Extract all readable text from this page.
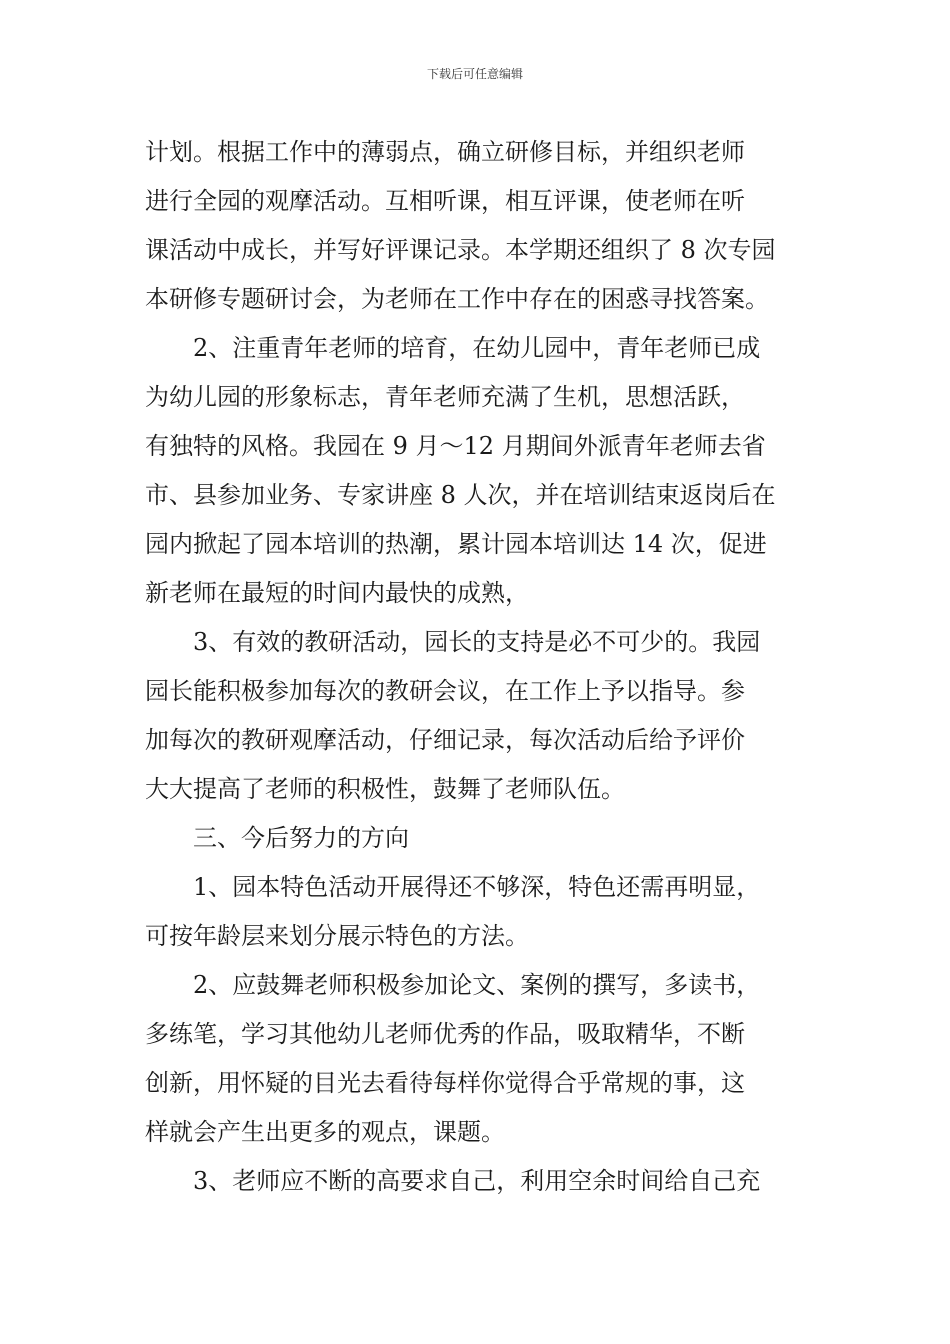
下载后可任意编辑
计划。根据工作中的薄弱点，确立研修目标，并组织老师
进行全园的观摩活动。互相听课，相互评课，使老师在听
课活动中成长，并写好评课记录。本学期还组织了 8 次专园
本研修专题研讨会，为老师在工作中存在的困惑寻找答案。
2、注重青年老师的培育，在幼儿园中，青年老师已成
为幼儿园的形象标志，青年老师充满了生机，思想活跃，
有独特的风格。我园在 9 月～12 月期间外派青年老师去省
市、县参加业务、专家讲座 8 人次，并在培训结束返岗后在
园内掀起了园本培训的热潮，累计园本培训达 14 次，促进
新老师在最短的时间内最快的成熟，
3、有效的教研活动，园长的支持是必不可少的。我园
园长能积极参加每次的教研会议，在工作上予以指导。参
加每次的教研观摩活动，仔细记录，每次活动后给予评价
大大提高了老师的积极性，鼓舞了老师队伍。
三、今后努力的方向
1、园本特色活动开展得还不够深，特色还需再明显，
可按年龄层来划分展示特色的方法。
2、应鼓舞老师积极参加论文、案例的撰写，多读书，
多练笔，学习其他幼儿老师优秀的作品，吸取精华，不断
创新，用怀疑的目光去看待每样你觉得合乎常规的事，这
样就会产生出更多的观点，课题。
3、老师应不断的高要求自己，利用空余时间给自己充
